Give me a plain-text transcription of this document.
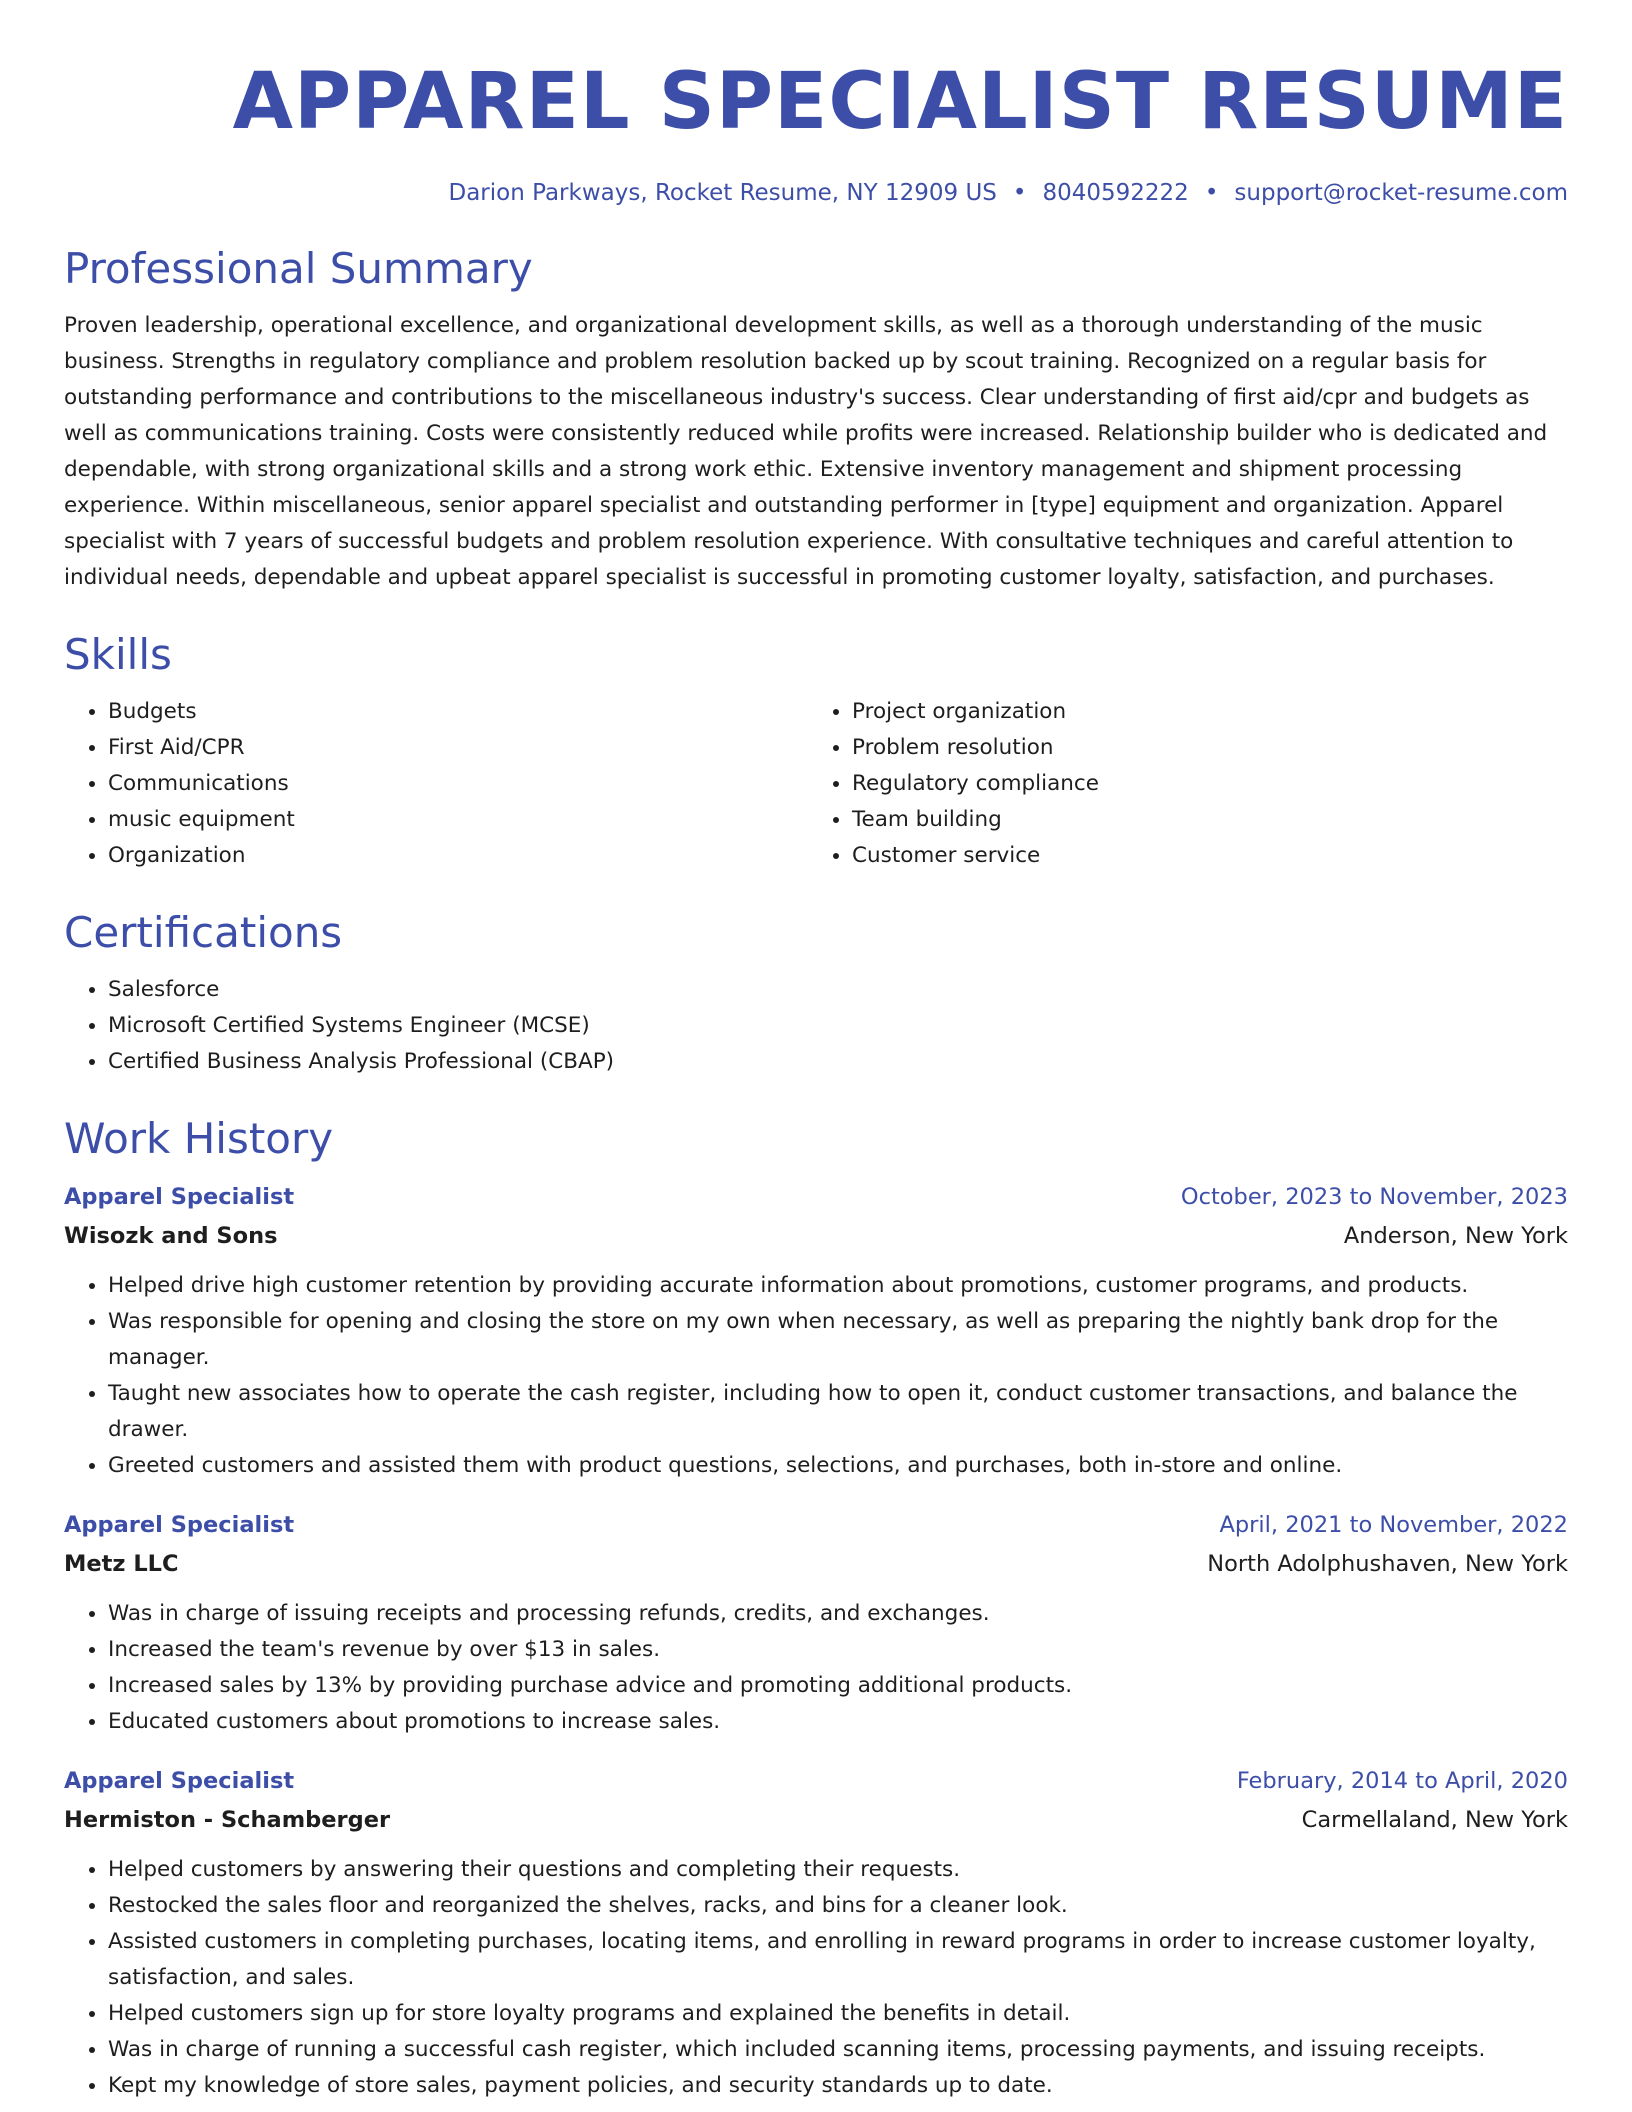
APPAREL SPECIALIST RESUME
Darion Parkways, Rocket Resume, NY 12909 US • 8040592222 • support@rocket-resume.com
Professional Summary

Proven leadership, operational excellence, and organizational development skills, as well as a thorough understanding of the music business. Strengths in regulatory compliance and problem resolution backed up by scout training. Recognized on a regular basis for outstanding performance and contributions to the miscellaneous industry's success. Clear understanding of first aid/cpr and budgets as well as communications training. Costs were consistently reduced while profits were increased. Relationship builder who is dedicated and dependable, with strong organizational skills and a strong work ethic. Extensive inventory management and shipment processing experience. Within miscellaneous, senior apparel specialist and outstanding performer in [type] equipment and organization. Apparel specialist with 7 years of successful budgets and problem resolution experience. With consultative techniques and careful attention to individual needs, dependable and upbeat apparel specialist is successful in promoting customer loyalty, satisfaction, and purchases.

Skills
• Budgets
• First Aid/CPR
• Communications
• music equipment
• Organization
• Project organization
• Problem resolution
• Regulatory compliance
• Team building
• Customer service
Certifications
• Salesforce
• Microsoft Certified Systems Engineer (MCSE)
• Certified Business Analysis Professional (CBAP)
Work History
Apparel Specialist	October, 2023 to November, 2023
Wisozk and Sons	Anderson, New York
• Helped drive high customer retention by providing accurate information about promotions, customer programs, and products.
• Was responsible for opening and closing the store on my own when necessary, as well as preparing the nightly bank drop for the manager.
• Taught new associates how to operate the cash register, including how to open it, conduct customer transactions, and balance the drawer.
• Greeted customers and assisted them with product questions, selections, and purchases, both in-store and online.
Apparel Specialist	April, 2021 to November, 2022
Metz LLC	North Adolphushaven, New York
• Was in charge of issuing receipts and processing refunds, credits, and exchanges.
• Increased the team's revenue by over $13 in sales.
• Increased sales by 13% by providing purchase advice and promoting additional products.
• Educated customers about promotions to increase sales.
Apparel Specialist	February, 2014 to April, 2020
Hermiston - Schamberger	Carmellaland, New York
• Helped customers by answering their questions and completing their requests.
• Restocked the sales floor and reorganized the shelves, racks, and bins for a cleaner look.
• Assisted customers in completing purchases, locating items, and enrolling in reward programs in order to increase customer loyalty, satisfaction, and sales.
• Helped customers sign up for store loyalty programs and explained the benefits in detail.
• Was in charge of running a successful cash register, which included scanning items, processing payments, and issuing receipts.
• Kept my knowledge of store sales, payment policies, and security standards up to date.
